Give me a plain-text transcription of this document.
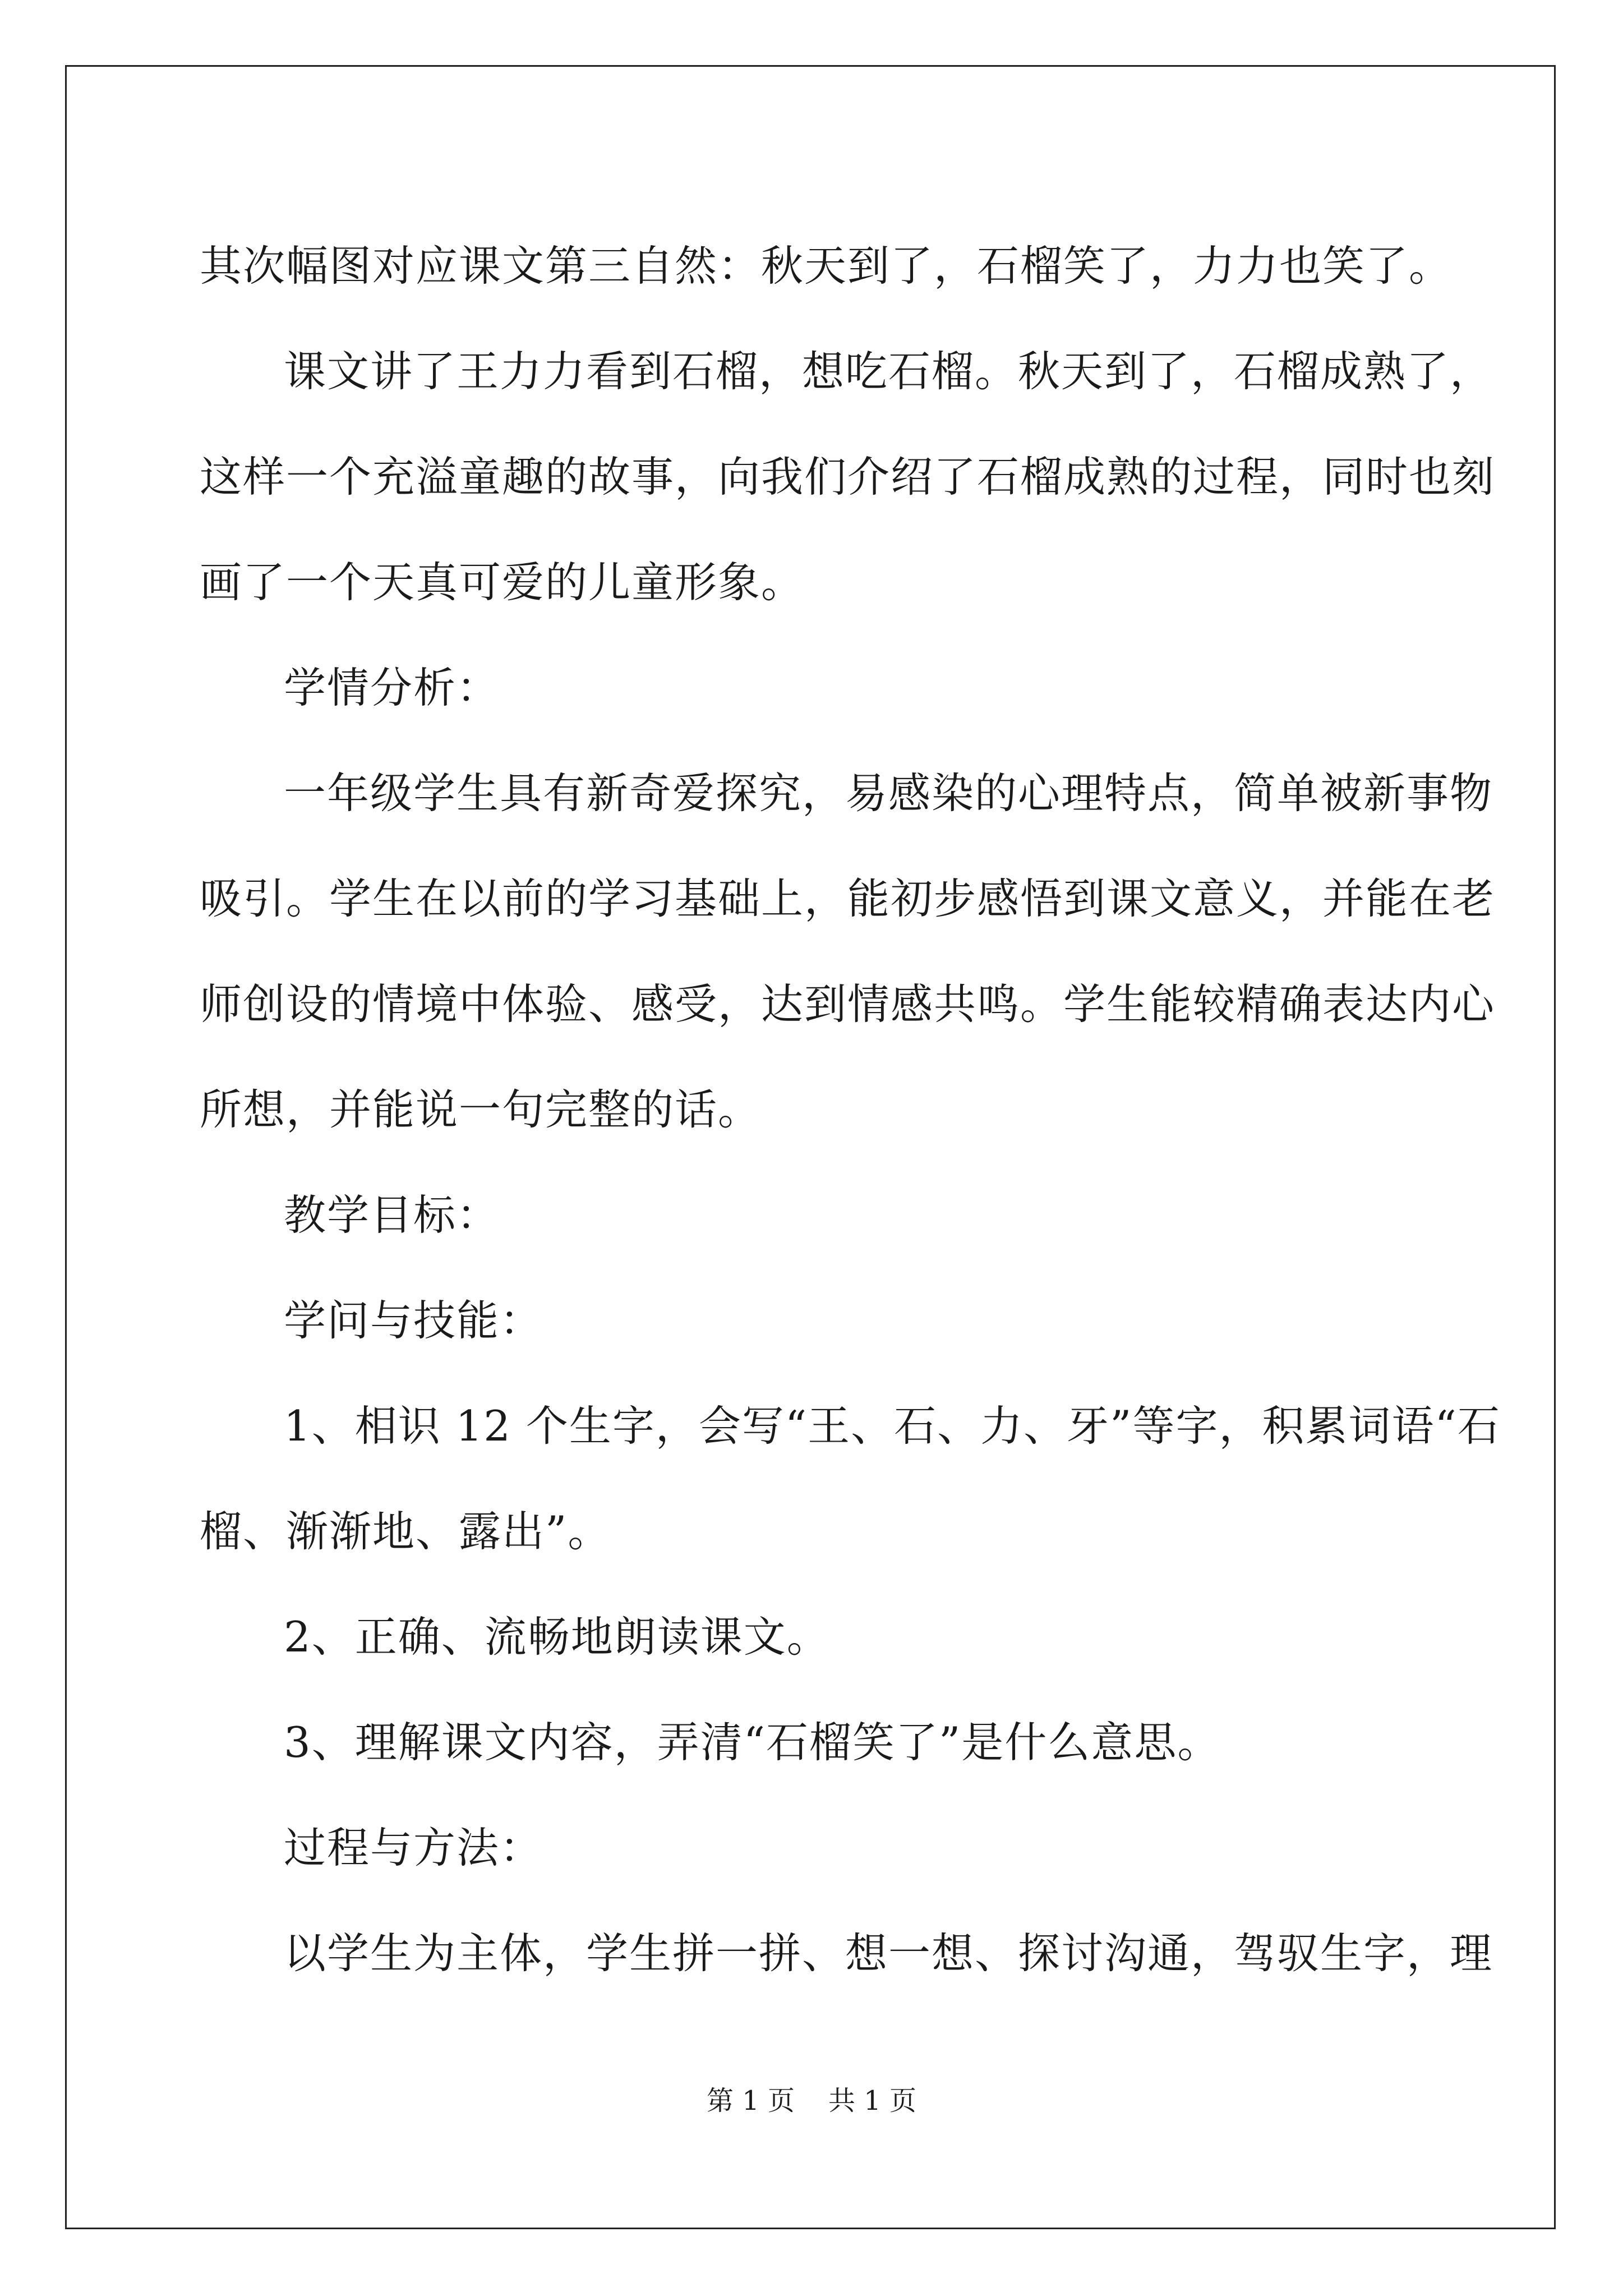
其次幅图对应课文第三自然：秋天到了，石榴笑了，力力也笑了。

课文讲了王力力看到石榴，想吃石榴。秋天到了，石榴成熟了，

这样一个充溢童趣的故事，向我们介绍了石榴成熟的过程，同时也刻

画了一个天真可爱的儿童形象。

学情分析：

一年级学生具有新奇爱探究，易感染的心理特点，简单被新事物

吸引。学生在以前的学习基础上，能初步感悟到课文意义，并能在老

师创设的情境中体验、感受，达到情感共鸣。学生能较精确表达内心

所想，并能说一句完整的话。

教学目标：

学问与技能：

1、相识 12 个生字，会写“王、石、力、牙”等字，积累词语“石

榴、渐渐地、露出”。

2、正确、流畅地朗读课文。

3、理解课文内容，弄清“石榴笑了”是什么意思。

过程与方法：

以学生为主体，学生拼一拼、想一想、探讨沟通，驾驭生字，理

第 1 页 共 1 页
